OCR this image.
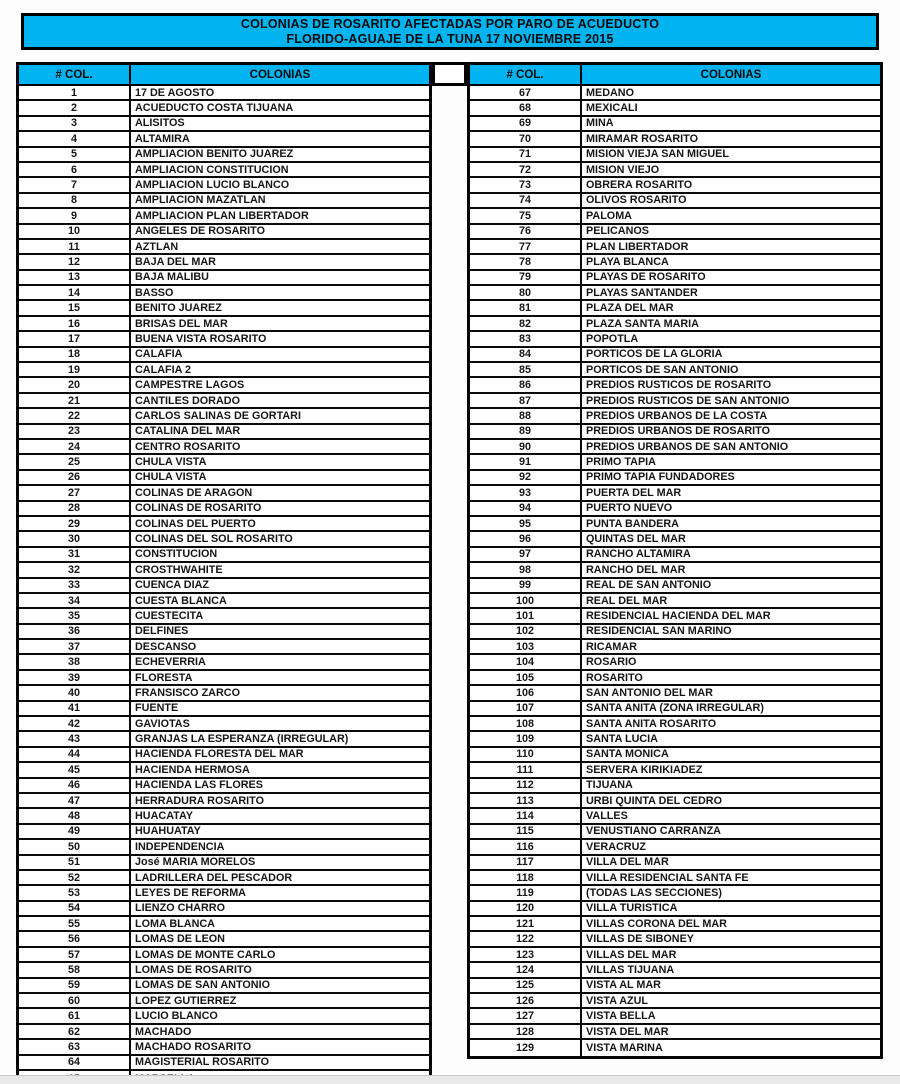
COLONIAS DE ROSARITO AFECTADAS POR PARO DE ACUEDUCTO
FLORIDO-AGUAJE DE LA TUNA 17 NOVIEMBRE 2015
# COL.	COLONIAS
1	17 DE AGOSTO
2	ACUEDUCTO COSTA TIJUANA
3	ALISITOS
4	ALTAMIRA
5	AMPLIACION BENITO JUAREZ
6	AMPLIACION CONSTITUCION
7	AMPLIACION LUCIO BLANCO
8	AMPLIACION MAZATLAN
9	AMPLIACION PLAN LIBERTADOR
10	ANGELES DE ROSARITO
11	AZTLAN
12	BAJA DEL MAR
13	BAJA MALIBU
14	BASSO
15	BENITO JUAREZ
16	BRISAS DEL MAR
17	BUENA VISTA ROSARITO
18	CALAFIA
19	CALAFIA 2
20	CAMPESTRE LAGOS
21	CANTILES DORADO
22	CARLOS SALINAS DE GORTARI
23	CATALINA DEL MAR
24	CENTRO ROSARITO
25	CHULA VISTA
26	CHULA VISTA
27	COLINAS DE ARAGON
28	COLINAS DE ROSARITO
29	COLINAS DEL PUERTO
30	COLINAS DEL SOL ROSARITO
31	CONSTITUCION
32	CROSTHWAHITE
33	CUENCA DIAZ
34	CUESTA BLANCA
35	CUESTECITA
36	DELFINES
37	DESCANSO
38	ECHEVERRIA
39	FLORESTA
40	FRANSISCO ZARCO
41	FUENTE
42	GAVIOTAS
43	GRANJAS LA ESPERANZA (IRREGULAR)
44	HACIENDA FLORESTA DEL MAR
45	HACIENDA HERMOSA
46	HACIENDA LAS FLORES
47	HERRADURA ROSARITO
48	HUACATAY
49	HUAHUATAY
50	INDEPENDENCIA
51	José MARIA MORELOS
52	LADRILLERA DEL PESCADOR
53	LEYES DE REFORMA
54	LIENZO CHARRO
55	LOMA BLANCA
56	LOMAS DE LEON
57	LOMAS DE MONTE CARLO
58	LOMAS DE ROSARITO
59	LOMAS DE SAN ANTONIO
60	LOPEZ GUTIERREZ
61	LUCIO BLANCO
62	MACHADO
63	MACHADO ROSARITO
64	MAGISTERIAL ROSARITO
# COL.	COLONIAS
67	MEDANO
68	MEXICALI
69	MINA
70	MIRAMAR ROSARITO
71	MISION VIEJA SAN MIGUEL
72	MISION VIEJO
73	OBRERA ROSARITO
74	OLIVOS ROSARITO
75	PALOMA
76	PELICANOS
77	PLAN LIBERTADOR
78	PLAYA BLANCA
79	PLAYAS DE ROSARITO
80	PLAYAS SANTANDER
81	PLAZA DEL MAR
82	PLAZA SANTA MARIA
83	POPOTLA
84	PORTICOS DE LA GLORIA
85	PORTICOS DE SAN ANTONIO
86	PREDIOS RUSTICOS DE ROSARITO
87	PREDIOS RUSTICOS DE SAN ANTONIO
88	PREDIOS URBANOS DE LA COSTA
89	PREDIOS URBANOS DE ROSARITO
90	PREDIOS URBANOS DE SAN ANTONIO
91	PRIMO TAPIA
92	PRIMO TAPIA FUNDADORES
93	PUERTA DEL MAR
94	PUERTO NUEVO
95	PUNTA BANDERA
96	QUINTAS DEL MAR
97	RANCHO ALTAMIRA
98	RANCHO DEL MAR
99	REAL DE SAN ANTONIO
100	REAL DEL MAR
101	RESIDENCIAL HACIENDA DEL MAR
102	RESIDENCIAL SAN MARINO
103	RICAMAR
104	ROSARIO
105	ROSARITO
106	SAN ANTONIO DEL MAR
107	SANTA ANITA (ZONA IRREGULAR)
108	SANTA ANITA ROSARITO
109	SANTA LUCIA
110	SANTA MONICA
111	SERVERA KIRIKIADEZ
112	TIJUANA
113	URBI QUINTA DEL CEDRO
114	VALLES
115	VENUSTIANO CARRANZA
116	VERACRUZ
117	VILLA DEL MAR
118	VILLA RESIDENCIAL SANTA FE
119	(TODAS LAS SECCIONES)
120	VILLA TURISTICA
121	VILLAS CORONA DEL MAR
122	VILLAS DE SIBONEY
123	VILLAS DEL MAR
124	VILLAS TIJUANA
125	VISTA AL MAR
126	VISTA AZUL
127	VISTA BELLA
128	VISTA DEL MAR
129	VISTA MARINA
